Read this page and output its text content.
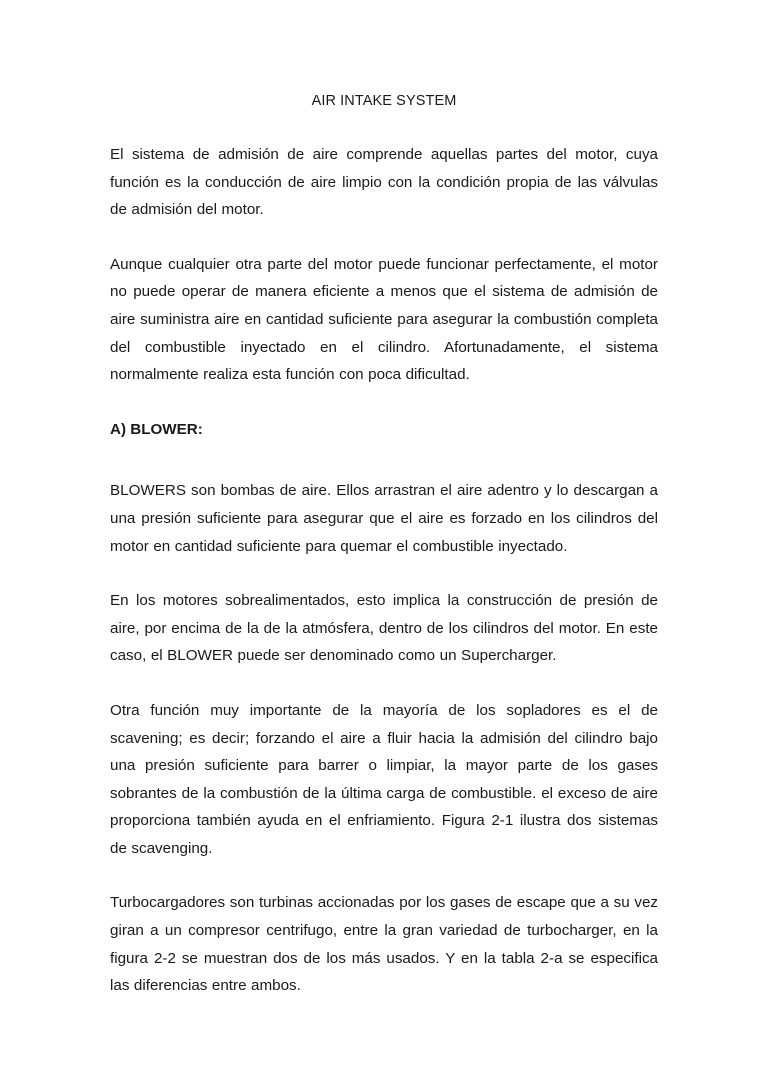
AIR INTAKE SYSTEM

El sistema de admisión de aire comprende aquellas partes del motor, cuya función es la conducción de aire limpio con la condición propia de las válvulas de admisión del motor.

Aunque cualquier otra parte del motor puede funcionar perfectamente, el motor no puede operar de manera eficiente a menos que el sistema de admisión de aire suministra aire en cantidad suficiente para asegurar la combustión completa del combustible inyectado en el cilindro. Afortunadamente, el sistema normalmente realiza esta función con poca dificultad.

A) BLOWER:

BLOWERS son bombas de aire. Ellos arrastran el aire adentro y lo descargan a una presión suficiente para asegurar que el aire es forzado en los cilindros del motor en cantidad suficiente para quemar el combustible inyectado.

En los motores sobrealimentados, esto implica la construcción de presión de aire, por encima de la de la atmósfera, dentro de los cilindros del motor. En este caso, el BLOWER puede ser denominado como un Supercharger.

Otra función muy importante de la mayoría de los sopladores es el de scavening; es decir; forzando el aire a fluir hacia la admisión del cilindro bajo una presión suficiente para barrer o limpiar, la mayor parte de los gases sobrantes de la combustión de la última carga de combustible. el exceso de aire proporciona también ayuda en el enfriamiento. Figura 2-1 ilustra dos sistemas de scavenging.

Turbocargadores son turbinas accionadas por los gases de escape que a su vez giran a un compresor centrifugo, entre la gran variedad de turbocharger, en la figura 2-2 se muestran dos de los más usados. Y en la tabla 2-a se especifica las diferencias entre ambos.
